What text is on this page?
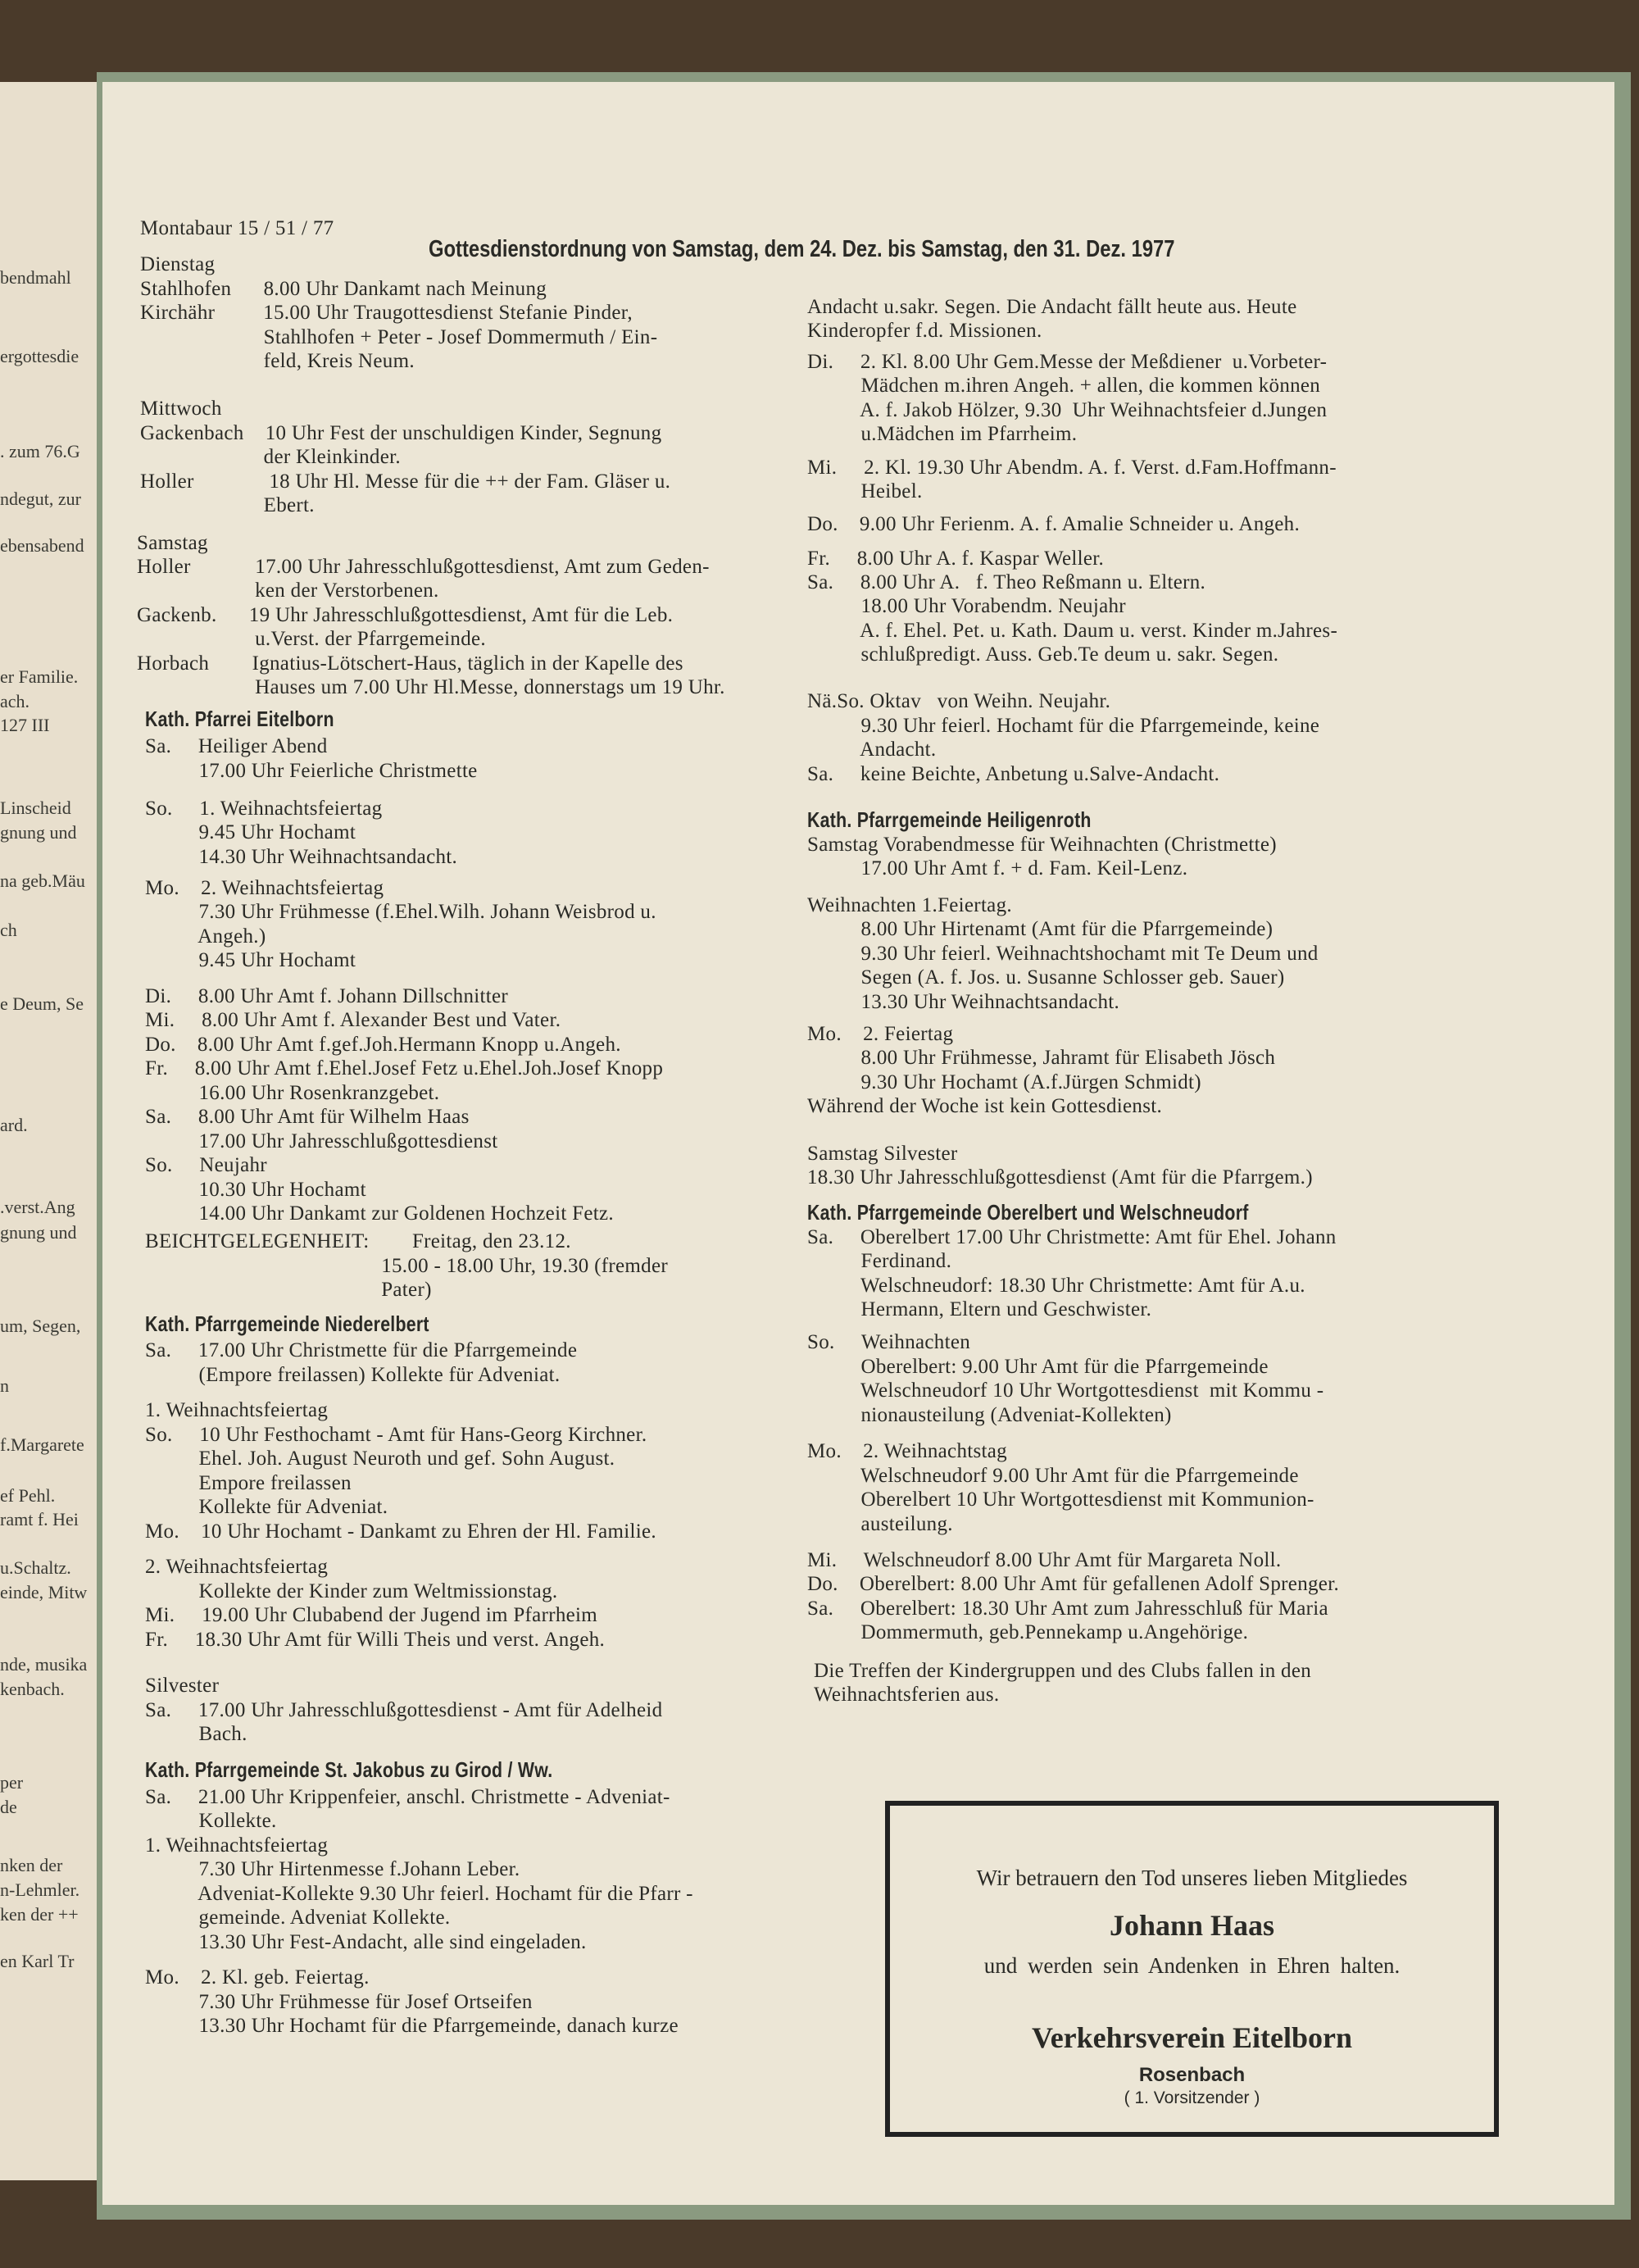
bendmahl
ergottesdie
. zum 76.G
ndegut, zur
ebensabend
er Familie.
ach.
127 III
Linscheid
gnung und
na geb.Mäu
ch
e Deum, Se
ard.
.verst.Ang
gnung und
um, Segen,
n
f.Margarete
ef Pehl.
ramt f. Hei
u.Schaltz.
einde, Mitw
nde, musika
kenbach.
per
de
nken der
n-Lehmler.
ken der ++
en Karl Tr
Montabaur 15 / 51 / 77
Gottesdienstordnung von Samstag, dem 24. Dez. bis Samstag, den 31. Dez. 1977
Dienstag
Stahlhofen      8.00 Uhr Dankamt nach Meinung
Kirchähr         15.00 Uhr Traugottesdienst Stefanie Pinder,
Stahlhofen + Peter - Josef Dommermuth / Ein-
feld, Kreis Neum.
Mittwoch
Gackenbach    10 Uhr Fest der unschuldigen Kinder, Segnung
der Kleinkinder.
Holler              18 Uhr Hl. Messe für die ++ der Fam. Gläser u.
Ebert.
Samstag
Holler            17.00 Uhr Jahresschlußgottesdienst, Amt zum Geden-
ken der Verstorbenen.
Gackenb.      19 Uhr Jahresschlußgottesdienst, Amt für die Leb.
u.Verst. der Pfarrgemeinde.
Horbach        Ignatius-Lötschert-Haus, täglich in der Kapelle des
Hauses um 7.00 Uhr Hl.Messe, donnerstags um 19 Uhr.
Kath. Pfarrei Eitelborn
Sa.     Heiliger Abend
17.00 Uhr Feierliche Christmette
So.     1. Weihnachtsfeiertag
9.45 Uhr Hochamt
14.30 Uhr Weihnachtsandacht.
Mo.    2. Weihnachtsfeiertag
7.30 Uhr Frühmesse (f.Ehel.Wilh. Johann Weisbrod u.
Angeh.)
9.45 Uhr Hochamt
Di.     8.00 Uhr Amt f. Johann Dillschnitter
Mi.     8.00 Uhr Amt f. Alexander Best und Vater.
Do.    8.00 Uhr Amt f.gef.Joh.Hermann Knopp u.Angeh.
Fr.     8.00 Uhr Amt f.Ehel.Josef Fetz u.Ehel.Joh.Josef Knopp
16.00 Uhr Rosenkranzgebet.
Sa.     8.00 Uhr Amt für Wilhelm Haas
17.00 Uhr Jahresschlußgottesdienst
So.     Neujahr
10.30 Uhr Hochamt
14.00 Uhr Dankamt zur Goldenen Hochzeit Fetz.
BEICHTGELEGENHEIT:        Freitag, den 23.12.
15.00 - 18.00 Uhr, 19.30 (fremder
Pater)
Kath. Pfarrgemeinde Niederelbert
Sa.     17.00 Uhr Christmette für die Pfarrgemeinde
(Empore freilassen) Kollekte für Adveniat.
1. Weihnachtsfeiertag
So.     10 Uhr Festhochamt - Amt für Hans-Georg Kirchner.
Ehel. Joh. August Neuroth und gef. Sohn August.
Empore freilassen
Kollekte für Adveniat.
Mo.    10 Uhr Hochamt - Dankamt zu Ehren der Hl. Familie.
2. Weihnachtsfeiertag
Kollekte der Kinder zum Weltmissionstag.
Mi.     19.00 Uhr Clubabend der Jugend im Pfarrheim
Fr.     18.30 Uhr Amt für Willi Theis und verst. Angeh.
Silvester
Sa.     17.00 Uhr Jahresschlußgottesdienst - Amt für Adelheid
Bach.
Kath. Pfarrgemeinde St. Jakobus zu Girod / Ww.
Sa.     21.00 Uhr Krippenfeier, anschl. Christmette - Adveniat-
Kollekte.
1. Weihnachtsfeiertag
7.30 Uhr Hirtenmesse f.Johann Leber.
Adveniat-Kollekte 9.30 Uhr feierl. Hochamt für die Pfarr -
gemeinde. Adveniat Kollekte.
13.30 Uhr Fest-Andacht, alle sind eingeladen.
Mo.    2. Kl. geb. Feiertag.
7.30 Uhr Frühmesse für Josef Ortseifen
13.30 Uhr Hochamt für die Pfarrgemeinde, danach kurze
Andacht u.sakr. Segen. Die Andacht fällt heute aus. Heute
Kinderopfer f.d. Missionen.
Di.     2. Kl. 8.00 Uhr Gem.Messe der Meßdiener  u.Vorbeter-
Mädchen m.ihren Angeh. + allen, die kommen können
A. f. Jakob Hölzer, 9.30  Uhr Weihnachtsfeier d.Jungen
u.Mädchen im Pfarrheim.
Mi.     2. Kl. 19.30 Uhr Abendm. A. f. Verst. d.Fam.Hoffmann-
Heibel.
Do.    9.00 Uhr Ferienm. A. f. Amalie Schneider u. Angeh.
Fr.     8.00 Uhr A. f. Kaspar Weller.
Sa.     8.00 Uhr A.   f. Theo Reßmann u. Eltern.
18.00 Uhr Vorabendm. Neujahr
A. f. Ehel. Pet. u. Kath. Daum u. verst. Kinder m.Jahres-
schlußpredigt. Auss. Geb.Te deum u. sakr. Segen.
Nä.So. Oktav   von Weihn. Neujahr.
9.30 Uhr feierl. Hochamt für die Pfarrgemeinde, keine
Andacht.
Sa.     keine Beichte, Anbetung u.Salve-Andacht.
Kath. Pfarrgemeinde Heiligenroth
Samstag Vorabendmesse für Weihnachten (Christmette)
17.00 Uhr Amt f. + d. Fam. Keil-Lenz.
Weihnachten 1.Feiertag.
8.00 Uhr Hirtenamt (Amt für die Pfarrgemeinde)
9.30 Uhr feierl. Weihnachtshochamt mit Te Deum und
Segen (A. f. Jos. u. Susanne Schlosser geb. Sauer)
13.30 Uhr Weihnachtsandacht.
Mo.    2. Feiertag
8.00 Uhr Frühmesse, Jahramt für Elisabeth Jösch
9.30 Uhr Hochamt (A.f.Jürgen Schmidt)
Während der Woche ist kein Gottesdienst.
Samstag Silvester
18.30 Uhr Jahresschlußgottesdienst (Amt für die Pfarrgem.)
Kath. Pfarrgemeinde Oberelbert und Welschneudorf
Sa.     Oberelbert 17.00 Uhr Christmette: Amt für Ehel. Johann
Ferdinand.
Welschneudorf: 18.30 Uhr Christmette: Amt für A.u.
Hermann, Eltern und Geschwister.
So.     Weihnachten
Oberelbert: 9.00 Uhr Amt für die Pfarrgemeinde
Welschneudorf 10 Uhr Wortgottesdienst  mit Kommu -
nionausteilung (Adveniat-Kollekten)
Mo.    2. Weihnachtstag
Welschneudorf 9.00 Uhr Amt für die Pfarrgemeinde
Oberelbert 10 Uhr Wortgottesdienst mit Kommunion-
austeilung.
Mi.     Welschneudorf 8.00 Uhr Amt für Margareta Noll.
Do.    Oberelbert: 8.00 Uhr Amt für gefallenen Adolf Sprenger.
Sa.     Oberelbert: 18.30 Uhr Amt zum Jahresschluß für Maria
Dommermuth, geb.Pennekamp u.Angehörige.
Die Treffen der Kindergruppen und des Clubs fallen in den
Weihnachtsferien aus.
Wir betrauern den Tod unseres lieben Mitgliedes
Johann Haas
und werden sein Andenken in Ehren halten.
Verkehrsverein Eitelborn
Rosenbach
( 1. Vorsitzender )
